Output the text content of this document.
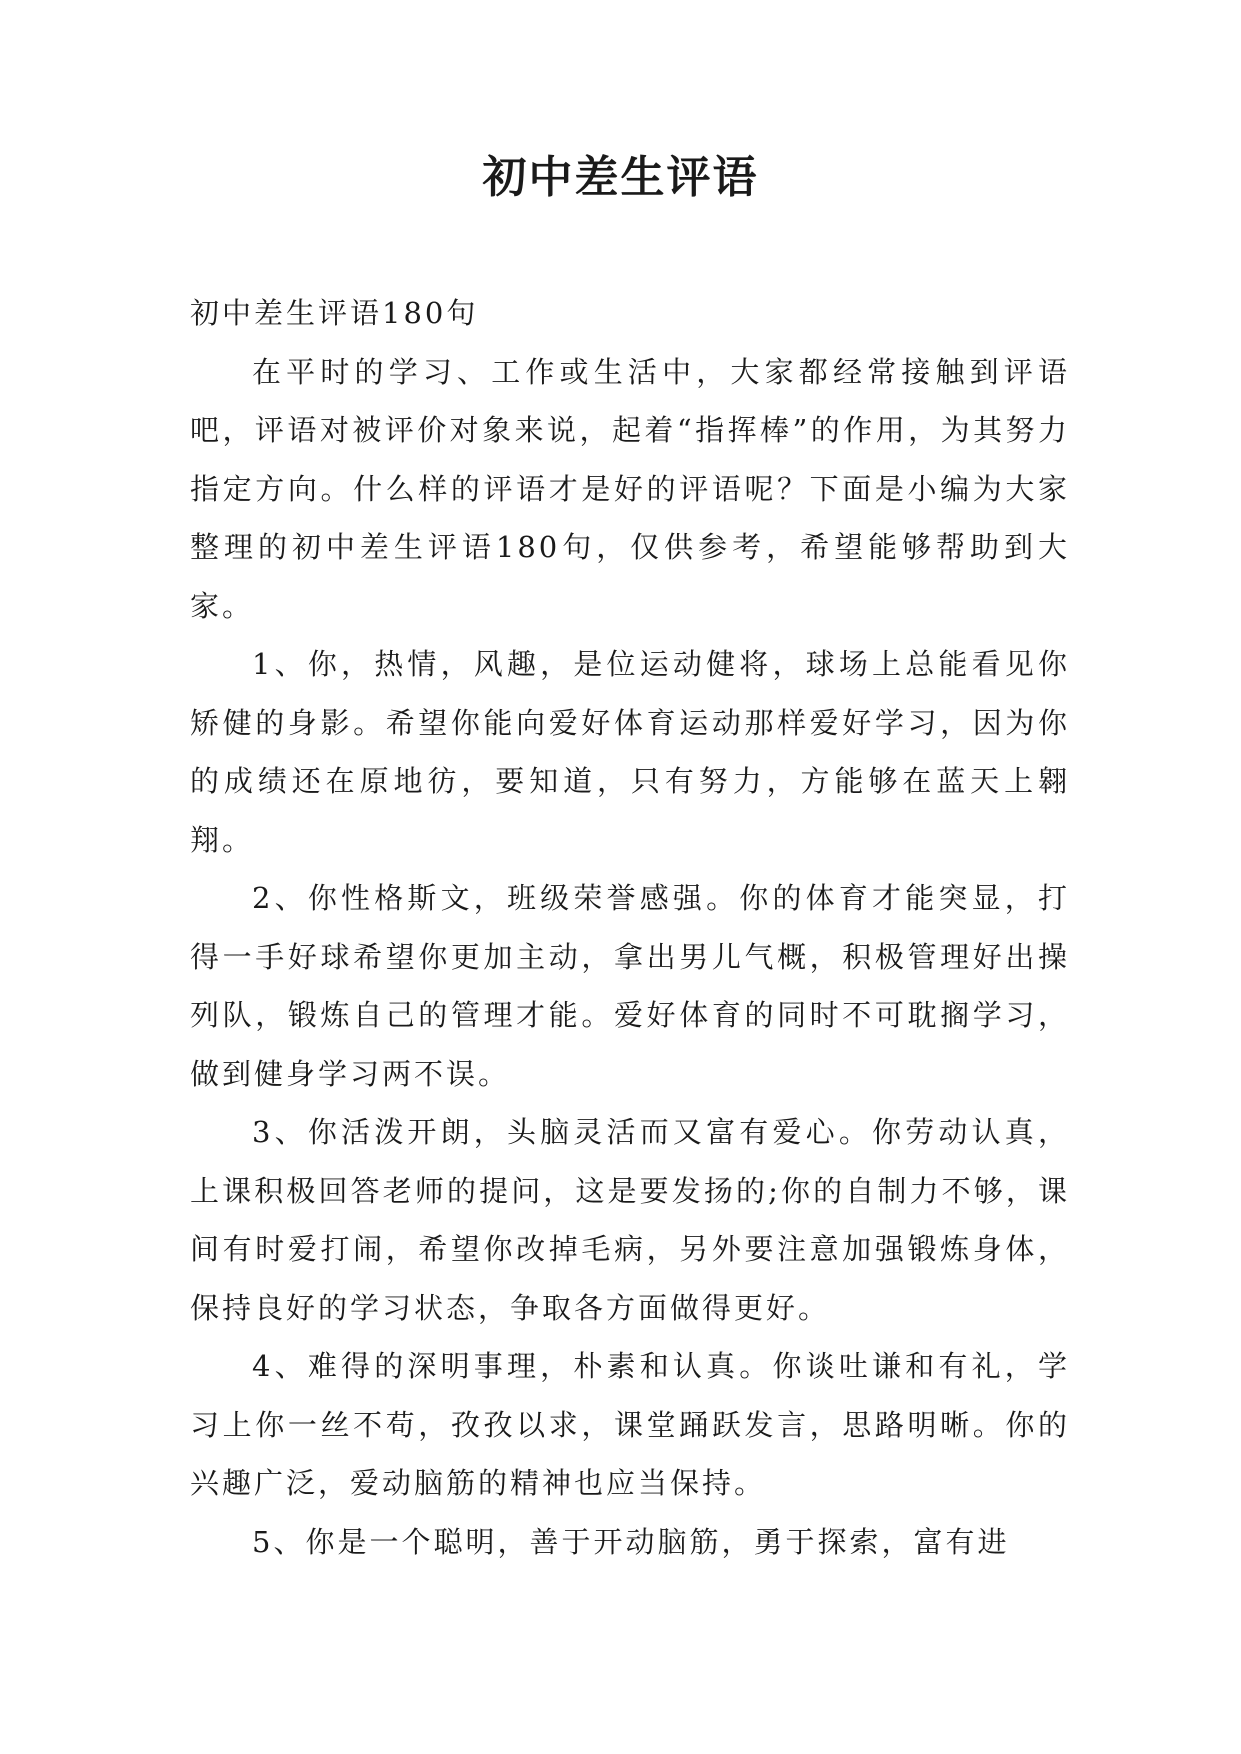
初中差生评语

初中差生评语180句

在平时的学习、工作或生活中，大家都经常接触到评语吧，评语对被评价对象来说，起着“指挥棒”的作用，为其努力指定方向。什么样的评语才是好的评语呢？下面是小编为大家整理的初中差生评语180句，仅供参考，希望能够帮助到大家。

1、你，热情，风趣，是位运动健将，球场上总能看见你矫健的身影。希望你能向爱好体育运动那样爱好学习，因为你的成绩还在原地彷，要知道，只有努力，方能够在蓝天上翱翔。

2、你性格斯文，班级荣誉感强。你的体育才能突显，打得一手好球希望你更加主动，拿出男儿气概，积极管理好出操列队，锻炼自己的管理才能。爱好体育的同时不可耽搁学习，做到健身学习两不误。

3、你活泼开朗，头脑灵活而又富有爱心。你劳动认真，上课积极回答老师的提问，这是要发扬的;你的自制力不够，课间有时爱打闹，希望你改掉毛病，另外要注意加强锻炼身体，保持良好的学习状态，争取各方面做得更好。

4、难得的深明事理，朴素和认真。你谈吐谦和有礼，学习上你一丝不苟，孜孜以求，课堂踊跃发言，思路明晰。你的兴趣广泛，爱动脑筋的精神也应当保持。

5、你是一个聪明，善于开动脑筋，勇于探索，富有进
